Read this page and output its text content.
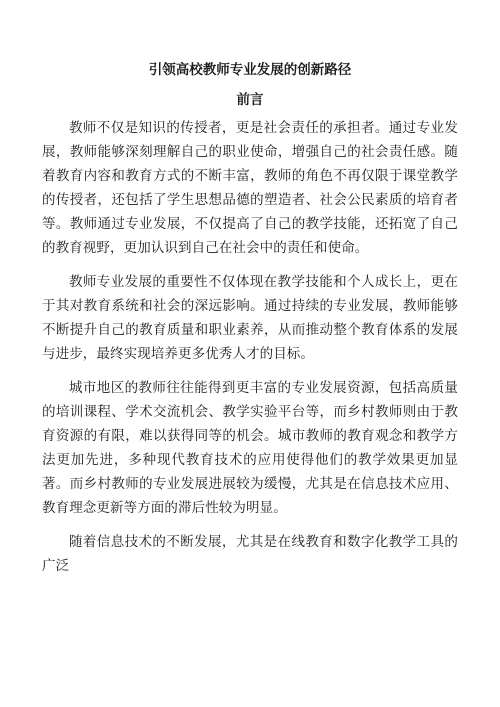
引领高校教师专业发展的创新路径
前言

教师不仅是知识的传授者，更是社会责任的承担者。通过专业发展，教师能够深刻理解自己的职业使命，增强自己的社会责任感。随着教育内容和教育方式的不断丰富，教师的角色不再仅限于课堂教学的传授者，还包括了学生思想品德的塑造者、社会公民素质的培育者等。教师通过专业发展，不仅提高了自己的教学技能，还拓宽了自己的教育视野，更加认识到自己在社会中的责任和使命。

教师专业发展的重要性不仅体现在教学技能和个人成长上，更在于其对教育系统和社会的深远影响。通过持续的专业发展，教师能够不断提升自己的教育质量和职业素养，从而推动整个教育体系的发展与进步，最终实现培养更多优秀人才的目标。

城市地区的教师往往能得到更丰富的专业发展资源，包括高质量的培训课程、学术交流机会、教学实验平台等，而乡村教师则由于教育资源的有限，难以获得同等的机会。城市教师的教育观念和教学方法更加先进，多种现代教育技术的应用使得他们的教学效果更加显著。而乡村教师的专业发展进展较为缓慢，尤其是在信息技术应用、教育理念更新等方面的滞后性较为明显。

随着信息技术的不断发展，尤其是在线教育和数字化教学工具的广泛
